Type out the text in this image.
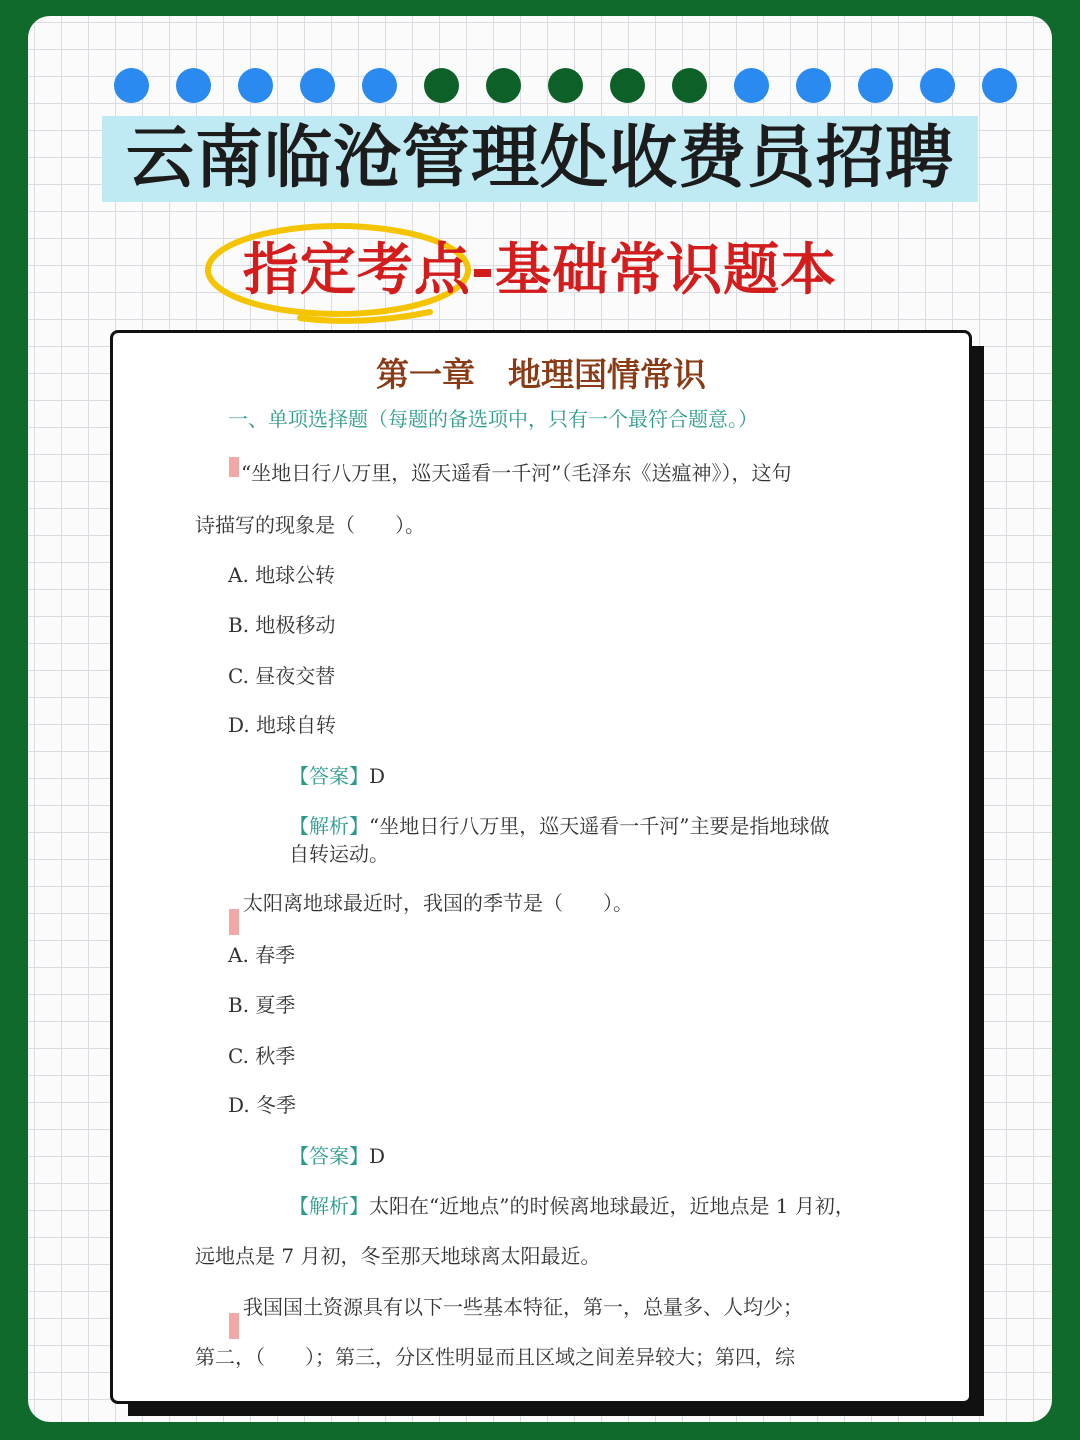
云南临沧管理处收费员招聘
指定考点-基础常识题本
第一章　地理国情常识
一、单项选择题（每题的备选项中，只有一个最符合题意。）
“坐地日行八万里，巡天遥看一千河”（毛泽东《送瘟神》），这句
诗描写的现象是（　　）。
A. 地球公转
B. 地极移动
C. 昼夜交替
D. 地球自转
【答案】D
【解析】“坐地日行八万里，巡天遥看一千河”主要是指地球做
自转运动。
太阳离地球最近时，我国的季节是（　　）。
A. 春季
B. 夏季
C. 秋季
D. 冬季
【答案】D
【解析】太阳在“近地点”的时候离地球最近，近地点是 1 月初，
远地点是 7 月初，冬至那天地球离太阳最近。
我国国土资源具有以下一些基本特征，第一，总量多、人均少；
第二，（　　）；第三，分区性明显而且区域之间差异较大；第四，综
